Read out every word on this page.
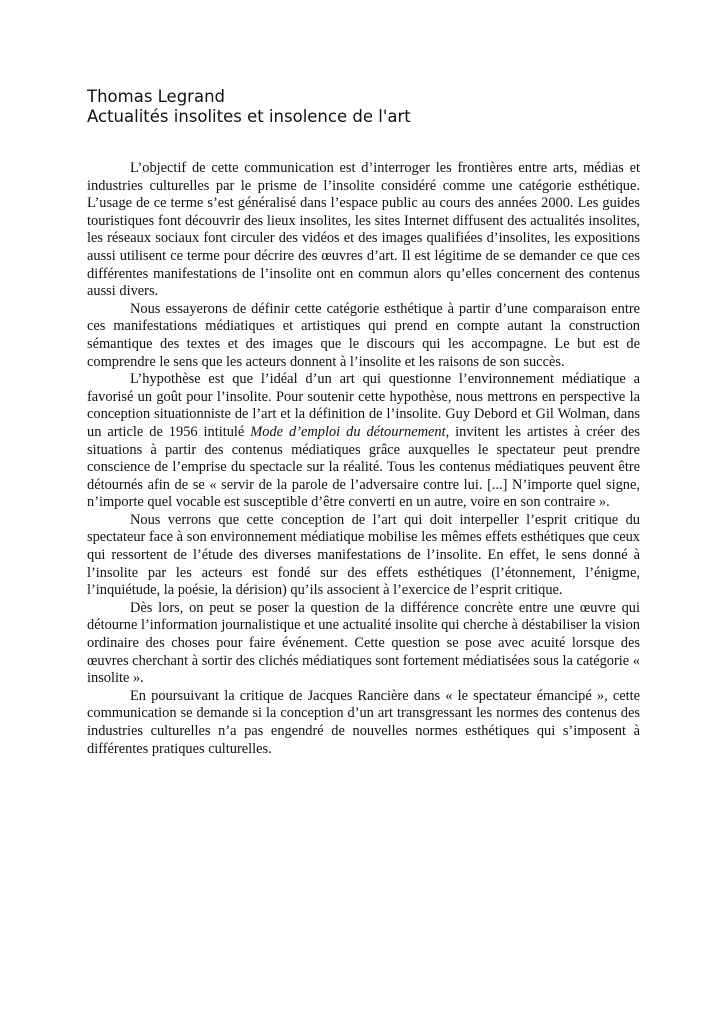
Thomas Legrand
Actualités insolites et insolence de l'art

L’objectif de cette communication est d’interroger les frontières entre arts, médias et industries culturelles par le prisme de l’insolite considéré comme une catégorie esthétique. L’usage de ce terme s’est généralisé dans l’espace public au cours des années 2000. Les guides touristiques font découvrir des lieux insolites, les sites Internet diffusent des actualités insolites, les réseaux sociaux font circuler des vidéos et des images qualifiées d’insolites, les expositions aussi utilisent ce terme pour décrire des œuvres d’art. Il est légitime de se demander ce que ces différentes manifestations de l’insolite ont en commun alors qu’elles concernent des contenus aussi divers.

Nous essayerons de définir cette catégorie esthétique à partir d’une comparaison entre ces manifestations médiatiques et artistiques qui prend en compte autant la construction sémantique des textes et des images que le discours qui les accompagne. Le but est de comprendre le sens que les acteurs donnent à l’insolite et les raisons de son succès.

L’hypothèse est que l’idéal d’un art qui questionne l’environnement médiatique a favorisé un goût pour l’insolite. Pour soutenir cette hypothèse, nous mettrons en perspective la conception situationniste de l’art et la définition de l’insolite. Guy Debord et Gil Wolman, dans un article de 1956 intitulé Mode d’emploi du détournement, invitent les artistes à créer des situations à partir des contenus médiatiques grâce auxquelles le spectateur peut prendre conscience de l’emprise du spectacle sur la réalité. Tous les contenus médiatiques peuvent être détournés afin de se « servir de la parole de l’adversaire contre lui. [...] N’importe quel signe, n’importe quel vocable est susceptible d’être converti en un autre, voire en son contraire ».

Nous verrons que cette conception de l’art qui doit interpeller l’esprit critique du spectateur face à son environnement médiatique mobilise les mêmes effets esthétiques que ceux qui ressortent de l’étude des diverses manifestations de l’insolite. En effet, le sens donné à l’insolite par les acteurs est fondé sur des effets esthétiques (l’étonnement, l’énigme, l’inquiétude, la poésie, la dérision) qu’ils associent à l’exercice de l’esprit critique.

Dès lors, on peut se poser la question de la différence concrète entre une œuvre qui détourne l’information journalistique et une actualité insolite qui cherche à déstabiliser la vision ordinaire des choses pour faire événement. Cette question se pose avec acuité lorsque des œuvres cherchant à sortir des clichés médiatiques sont fortement médiatisées sous la catégorie « insolite ».

En poursuivant la critique de Jacques Rancière dans « le spectateur émancipé », cette communication se demande si la conception d’un art transgressant les normes des contenus des industries culturelles n’a pas engendré de nouvelles normes esthétiques qui s’imposent à différentes pratiques culturelles.
